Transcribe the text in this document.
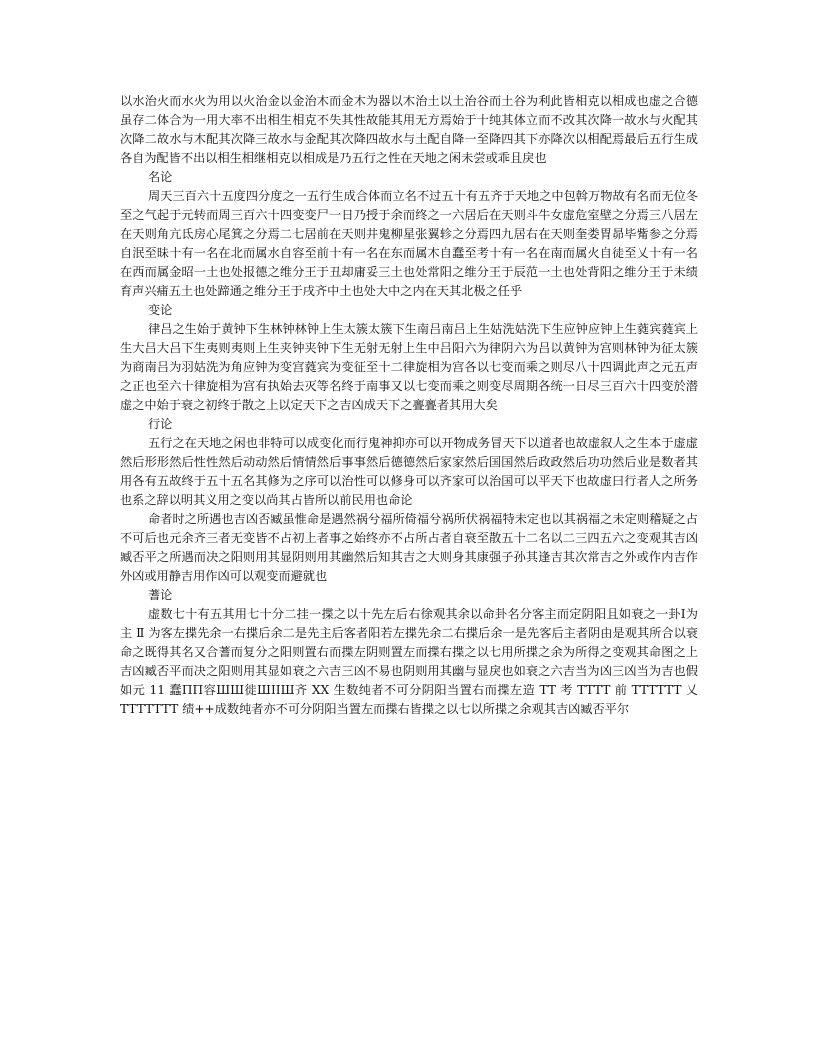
以水治火而水火为用以火治金以金治木而金木为器以木治土以土治谷而土谷为利此皆相克以相成也虚之合德虽存二体合为一用大率不出相生相克不失其性故能其用无方焉始于十纯其体立而不改其次降一故水与火配其次降二故水与木配其次降三故水与金配其次降四故水与土配自降一至降四其下亦降次以相配焉最后五行生成各自为配皆不出以相生相继相克以相成是乃五行之性在天地之闲未尝或乖且戾也

名论

周天三百六十五度四分度之一五行生成合体而立名不过五十有五齐于天地之中包斡万物故有名而无位冬至之气起于元转而周三百六十四变变尸一日乃授于余而终之一六居后在天则斗牛女虚危室壁之分焉三八居左在天则角亢氐房心尾箕之分焉二七居前在天则井鬼柳星张翼轸之分焉四九居右在天则奎娄胃昴毕觜参之分焉自泯至昧十有一名在北而属水自容至前十有一名在东而属木自蠢至考十有一名在南而属火自徒至乂十有一名在西而属金昭一土也处报德之维分王于丑却庸妥三土也处常阳之维分王于辰范一土也处背阳之维分王于未绩育声兴痡五土也处蹄通之维分王于戌齐中土也处大中之内在天其北极之任乎

变论

律吕之生始于黄钟下生林钟林钟上生太簇太簇下生南吕南吕上生姑洗姑洗下生应钟应钟上生蕤宾蕤宾上生大吕大吕下生夷则夷则上生夹钟夹钟下生无射无射上生中吕阳六为律阴六为吕以黄钟为宫则林钟为征太簇为商南吕为羽姑洗为角应钟为变宫蕤宾为变征至十二律旋相为宫各以七变而乘之则尽八十四调此声之元五声之正也至六十律旋相为宫有执始去灭等名终于南事又以七变而乘之则变尽周期各统一日尽三百六十四变於潜虚之中始于衰之初终于散之上以定天下之吉凶成天下之亹亹者其用大矣

行论

五行之在天地之闲也非特可以成变化而行鬼神抑亦可以开物成务冒天下以道者也故虚叙人之生本于虚虚然后形形然后性性然后动动然后情情然后事事然后德德然后家家然后国国然后政政然后功功然后业是数者其用各有五故终于五十五名其修为之序可以治性可以修身可以齐家可以治国可以平天下也故虚曰行者人之所务也系之辞以明其义用之变以尚其占皆所以前民用也命论

命者时之所遇也吉凶否臧虽惟命是遇然祸兮福所倚福兮祸所伏祸福特未定也以其祸福之未定则稽疑之占不可后也元余齐三者无变皆不占初上者事之始终亦不占所占者自衰至散五十二名以二三四五六之变观其吉凶臧否平之所遇而决之阳则用其显阴则用其幽然后知其吉之大则身其康强子孙其逢吉其次常吉之外或作内吉作外凶或用静吉用作凶可以观变而避就也

蓍论

虚数七十有五其用七十分二挂一揲之以十先左后右徐观其余以命卦名分客主而定阴阳且如衰之一卦Ⅰ为主 Ⅱ 为客左揲先余一右揲后余二是先主后客者阳若左揲先余二右揲后余一是先客后主者阴由是观其所合以衰命之既得其名又合蓍而复分之阳则置右而揲左阴则置左而揲右揲之以七用所揲之余为所得之变观其命图之上吉凶臧否平而决之阳则用其显如衰之六吉三凶不易也阴则用其幽与显戾也如衰之六吉当为凶三凶当为吉也假如元 11 蠢ΠΠ容ШШ徙ШIIШ齐 XX 生数纯者不可分阴阳当置右而揲左造 TT 考 TTTT 前 TTTTTT 乂 TTTTTTT 绩++成数纯者亦不可分阴阳当置左而揲右皆揲之以七以所揲之余观其吉凶臧否平尔
